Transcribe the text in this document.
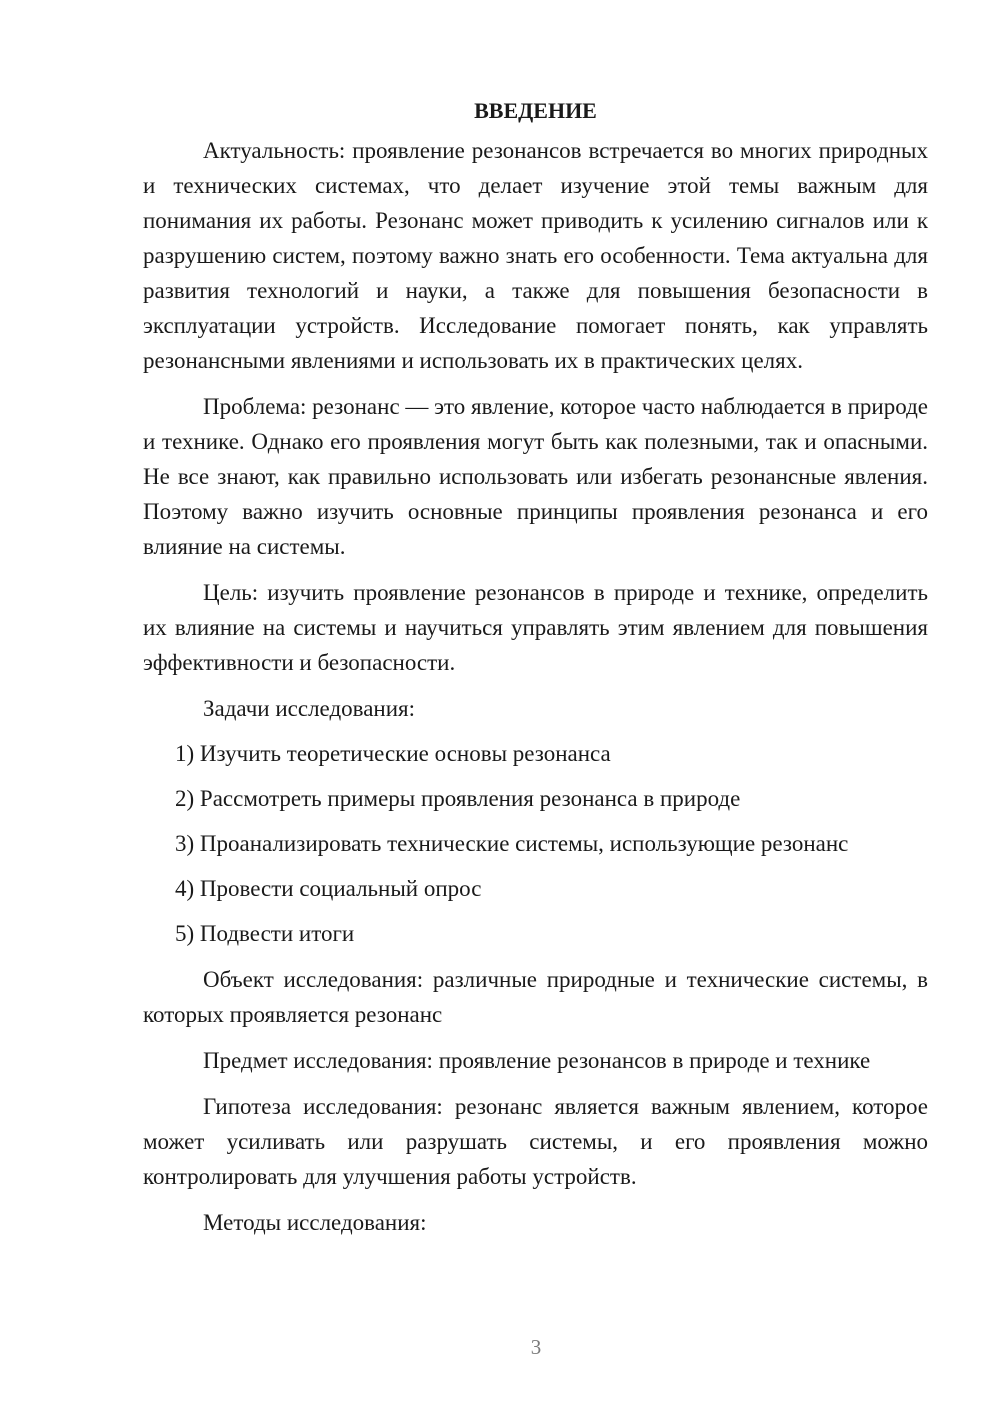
ВВЕДЕНИЕ

Актуальность: проявление резонансов встречается во многих природных и технических системах, что делает изучение этой темы важным для понимания их работы. Резонанс может приводить к усилению сигналов или к разрушению систем, поэтому важно знать его особенности. Тема актуальна для развития технологий и науки, а также для повышения безопасности в эксплуатации устройств. Исследование помогает понять, как управлять резонансными явлениями и использовать их в практических целях.

Проблема: резонанс — это явление, которое часто наблюдается в природе и технике. Однако его проявления могут быть как полезными, так и опасными. Не все знают, как правильно использовать или избегать резонансные явления. Поэтому важно изучить основные принципы проявления резонанса и его влияние на системы.

Цель: изучить проявление резонансов в природе и технике, определить их влияние на системы и научиться управлять этим явлением для повышения эффективности и безопасности.

Задачи исследования:

1) Изучить теоретические основы резонанса

2) Рассмотреть примеры проявления резонанса в природе

3) Проанализировать технические системы, использующие резонанс

4) Провести социальный опрос

5) Подвести итоги

Объект исследования: различные природные и технические системы, в которых проявляется резонанс

Предмет исследования: проявление резонансов в природе и технике

Гипотеза исследования: резонанс является важным явлением, которое может усиливать или разрушать системы, и его проявления можно контролировать для улучшения работы устройств.

Методы исследования:

3
